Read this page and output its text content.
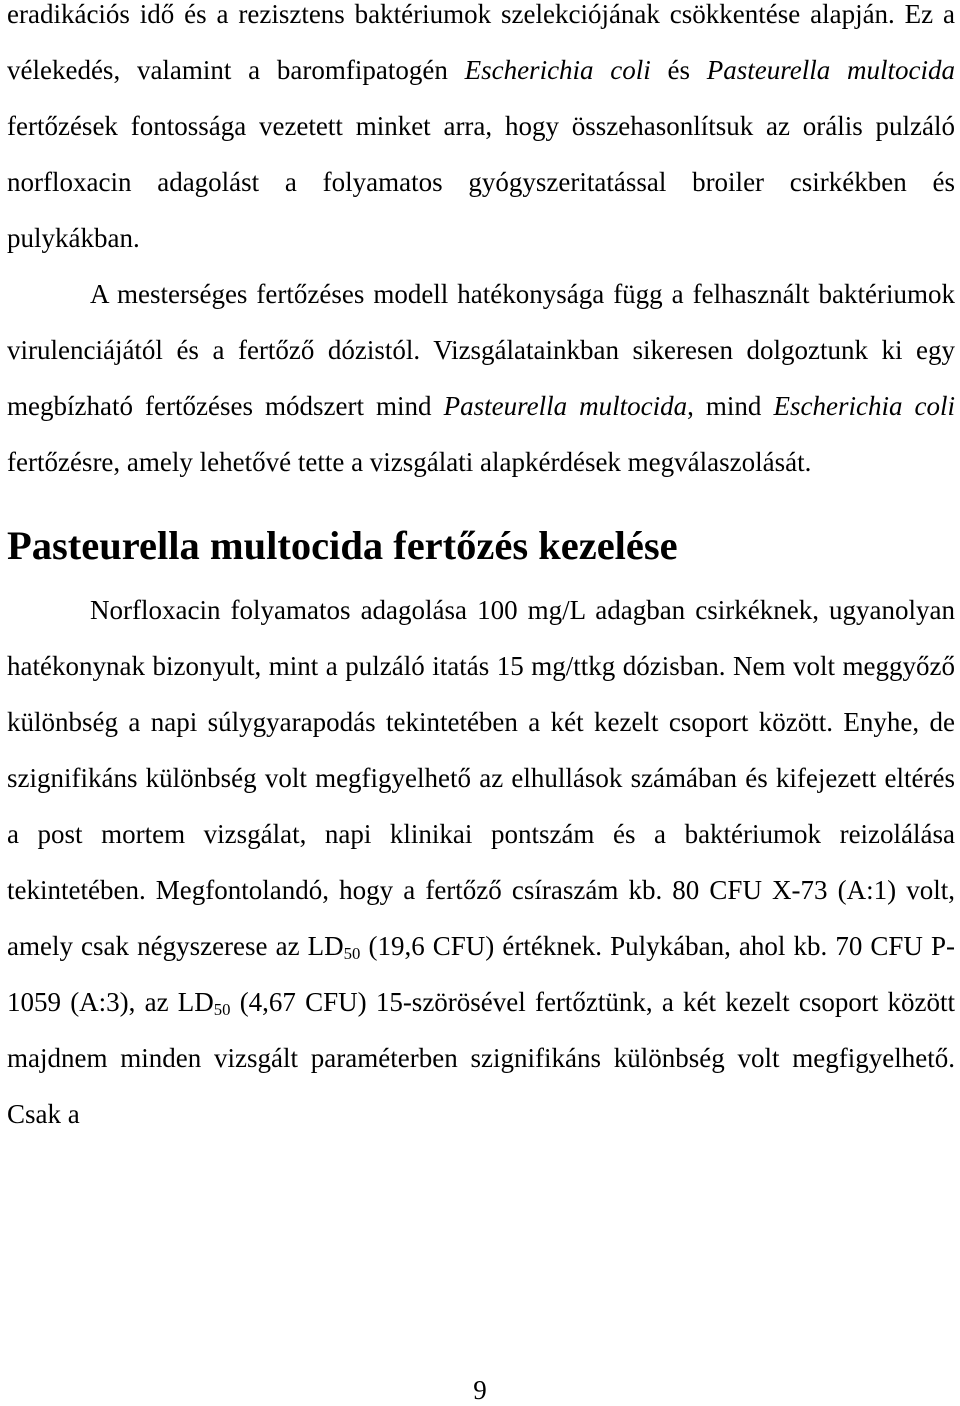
eradikációs idő és a rezisztens baktériumok szelekciójának csökkentése alapján. Ez a vélekedés, valamint a baromfipatogén Escherichia coli és Pasteurella multocida fertőzések fontossága vezetett minket arra, hogy összehasonlítsuk az orális pulzáló norfloxacin adagolást a folyamatos gyógyszeritatással broiler csirkékben és pulykákban.

A mesterséges fertőzéses modell hatékonysága függ a felhasznált baktériumok virulenciájától és a fertőző dózistól. Vizsgálatainkban sikeresen dolgoztunk ki egy megbízható fertőzéses módszert mind Pasteurella multocida, mind Escherichia coli fertőzésre, amely lehetővé tette a vizsgálati alapkérdések megválaszolását.

Pasteurella multocida fertőzés kezelése

Norfloxacin folyamatos adagolása 100 mg/L adagban csirkéknek, ugyanolyan hatékonynak bizonyult, mint a pulzáló itatás 15 mg/ttkg dózisban. Nem volt meggyőző különbség a napi súlygyarapodás tekintetében a két kezelt csoport között. Enyhe, de szignifikáns különbség volt megfigyelhető az elhullások számában és kifejezett eltérés a post mortem vizsgálat, napi klinikai pontszám és a baktériumok reizolálása tekintetében. Megfontolandó, hogy a fertőző csíraszám kb. 80 CFU X-73 (A:1) volt, amely csak négyszerese az $LD_{50}$ (19,6 CFU) értéknek. Pulykában, ahol kb. 70 CFU P-1059 (A:3), az $LD_{50}$ (4,67 CFU) 15-szörösével fertőztünk, a két kezelt csoport között majdnem minden vizsgált paraméterben szignifikáns különbség volt megfigyelhető. Csak a

9
